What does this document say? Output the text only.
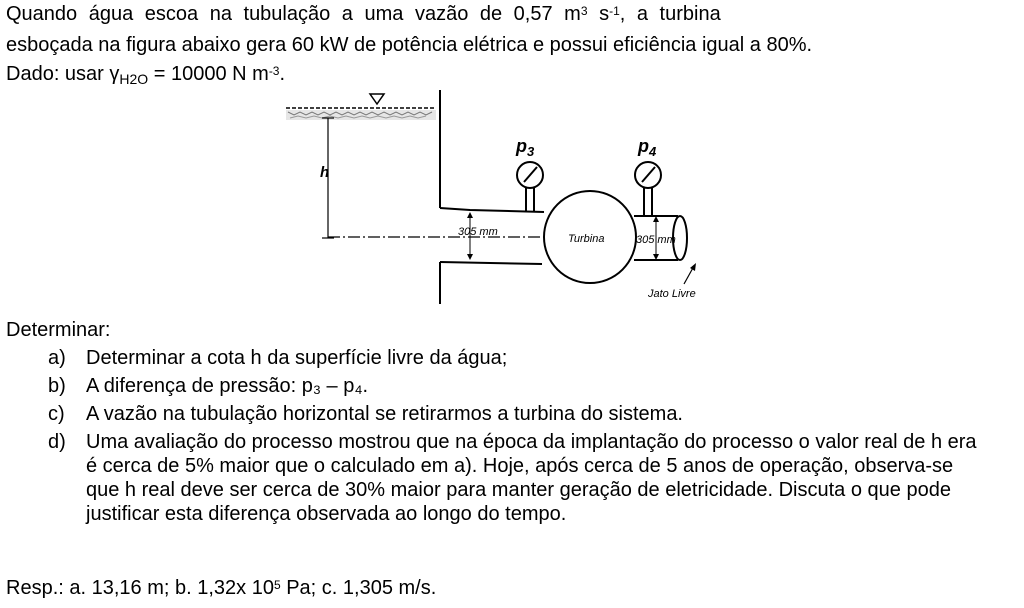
Quando água escoa na tubulação a uma vazão de 0,57 $m^3$ $s^{-1}$, a turbina
esboçada na figura abaixo gera 60 kW de potência elétrica e possui eficiência igual a 80%.
Dado: usar $\gamma_{H2O} = 10000$ N $m^{-3}$.
$p_3$	$p_4$
h
305 mm
Turbina	305 mm
Jato Livre
Determinar:
a) Determinar a cota h da superfície livre da água;
b) A diferença de pressão: p₃ – p₄.
c) A vazão na tubulação horizontal se retirarmos a turbina do sistema.
d) Uma avaliação do processo mostrou que na época da implantação do processo o valor real de h era é cerca de 5% maior que o calculado em a). Hoje, após cerca de 5 anos de operação, observa-se que h real deve ser cerca de 30% maior para manter geração de eletricidade. Discuta o que pode justificar esta diferença observada ao longo do tempo.
Resp.: a. 13,16 m; b. 1,32x $10^5$ Pa; c. 1,305 m/s.
